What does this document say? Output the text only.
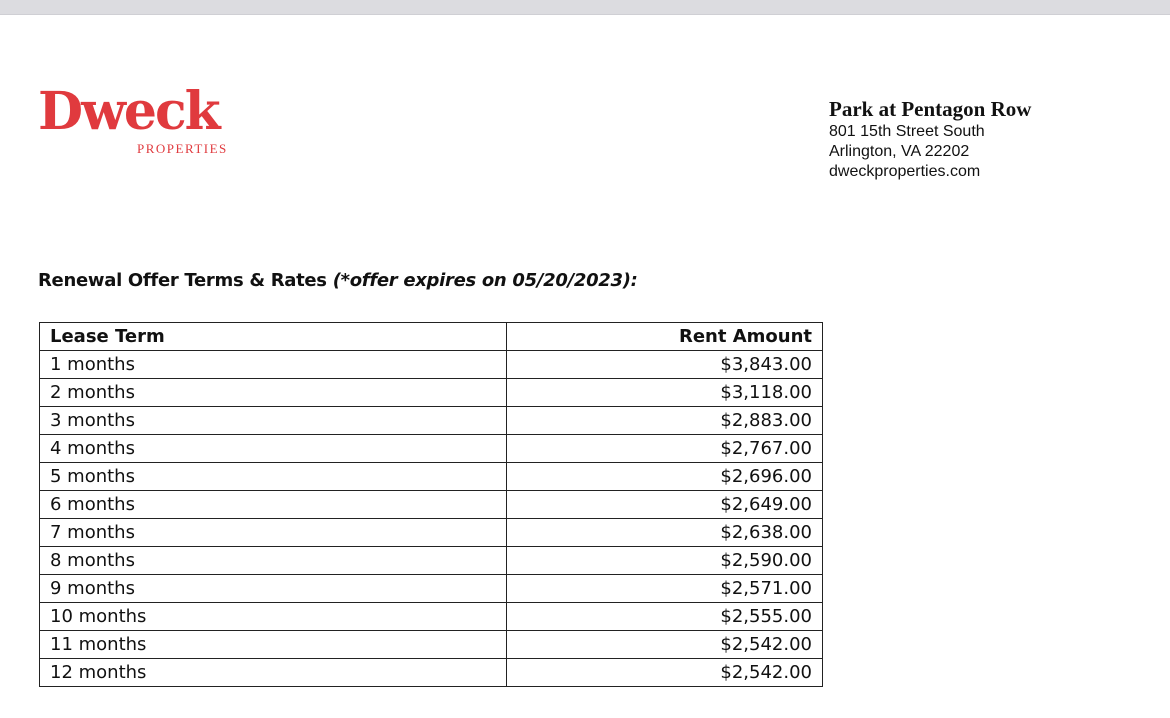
Dweck
PROPERTIES
Park at Pentagon Row
801 15th Street South
Arlington, VA 22202
dweckproperties.com
Renewal Offer Terms & Rates (*offer expires on 05/20/2023):
Lease Term	Rent Amount
1 months	$3,843.00
2 months	$3,118.00
3 months	$2,883.00
4 months	$2,767.00
5 months	$2,696.00
6 months	$2,649.00
7 months	$2,638.00
8 months	$2,590.00
9 months	$2,571.00
10 months	$2,555.00
11 months	$2,542.00
12 months	$2,542.00
